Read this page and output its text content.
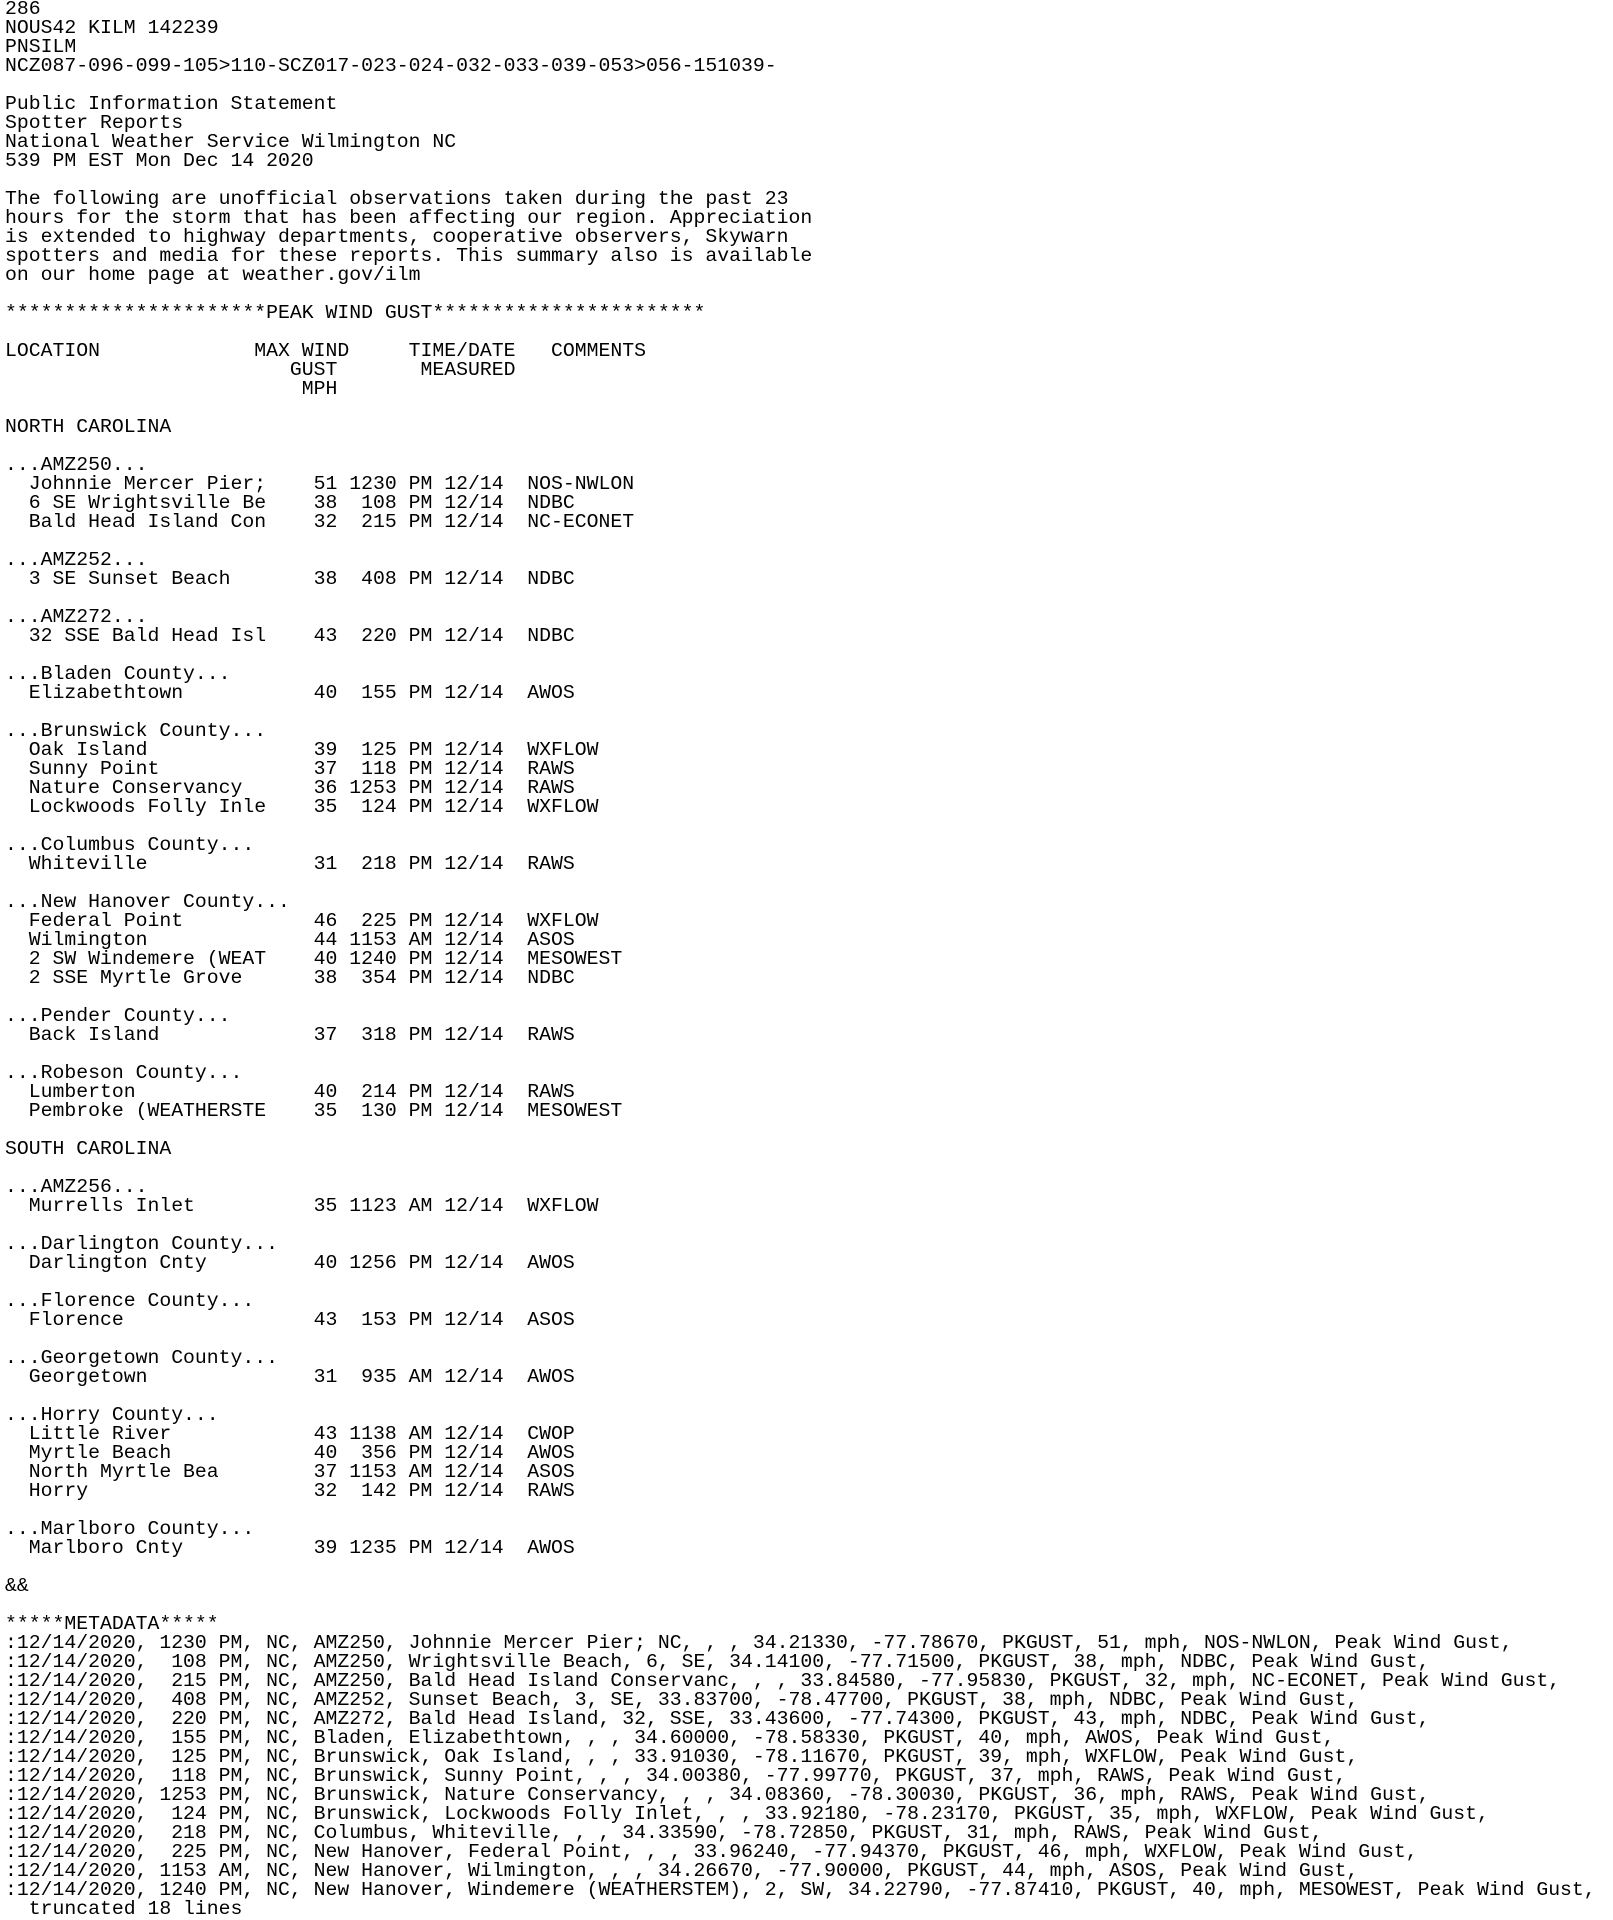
286
NOUS42 KILM 142239
PNSILM
NCZ087-096-099-105>110-SCZ017-023-024-032-033-039-053>056-151039-
Public Information Statement
Spotter Reports
National Weather Service Wilmington NC
539 PM EST Mon Dec 14 2020
The following are unofficial observations taken during the past 23
hours for the storm that has been affecting our region. Appreciation
is extended to highway departments, cooperative observers, Skywarn
spotters and media for these reports. This summary also is available
on our home page at weather.gov/ilm
**********************PEAK WIND GUST***********************
LOCATION             MAX WIND     TIME/DATE   COMMENTS
GUST       MEASURED
MPH
NORTH CAROLINA
...AMZ250...
Johnnie Mercer Pier;    51 1230 PM 12/14  NOS-NWLON
6 SE Wrightsville Be    38  108 PM 12/14  NDBC
Bald Head Island Con    32  215 PM 12/14  NC-ECONET
...AMZ252...
3 SE Sunset Beach       38  408 PM 12/14  NDBC
...AMZ272...
32 SSE Bald Head Isl    43  220 PM 12/14  NDBC
...Bladen County...
Elizabethtown           40  155 PM 12/14  AWOS
...Brunswick County...
Oak Island              39  125 PM 12/14  WXFLOW
Sunny Point             37  118 PM 12/14  RAWS
Nature Conservancy      36 1253 PM 12/14  RAWS
Lockwoods Folly Inle    35  124 PM 12/14  WXFLOW
...Columbus County...
Whiteville              31  218 PM 12/14  RAWS
...New Hanover County...
Federal Point           46  225 PM 12/14  WXFLOW
Wilmington              44 1153 AM 12/14  ASOS
2 SW Windemere (WEAT    40 1240 PM 12/14  MESOWEST
2 SSE Myrtle Grove      38  354 PM 12/14  NDBC
...Pender County...
Back Island             37  318 PM 12/14  RAWS
...Robeson County...
Lumberton               40  214 PM 12/14  RAWS
Pembroke (WEATHERSTE    35  130 PM 12/14  MESOWEST
SOUTH CAROLINA
...AMZ256...
Murrells Inlet          35 1123 AM 12/14  WXFLOW
...Darlington County...
Darlington Cnty         40 1256 PM 12/14  AWOS
...Florence County...
Florence                43  153 PM 12/14  ASOS
...Georgetown County...
Georgetown              31  935 AM 12/14  AWOS
...Horry County...
Little River            43 1138 AM 12/14  CWOP
Myrtle Beach            40  356 PM 12/14  AWOS
North Myrtle Bea        37 1153 AM 12/14  ASOS
Horry                   32  142 PM 12/14  RAWS
...Marlboro County...
Marlboro Cnty           39 1235 PM 12/14  AWOS
&&
*****METADATA*****
:12/14/2020, 1230 PM, NC, AMZ250, Johnnie Mercer Pier; NC, , , 34.21330, -77.78670, PKGUST, 51, mph, NOS-NWLON, Peak Wind Gust,
:12/14/2020,  108 PM, NC, AMZ250, Wrightsville Beach, 6, SE, 34.14100, -77.71500, PKGUST, 38, mph, NDBC, Peak Wind Gust,
:12/14/2020,  215 PM, NC, AMZ250, Bald Head Island Conservanc, , , 33.84580, -77.95830, PKGUST, 32, mph, NC-ECONET, Peak Wind Gust,
:12/14/2020,  408 PM, NC, AMZ252, Sunset Beach, 3, SE, 33.83700, -78.47700, PKGUST, 38, mph, NDBC, Peak Wind Gust,
:12/14/2020,  220 PM, NC, AMZ272, Bald Head Island, 32, SSE, 33.43600, -77.74300, PKGUST, 43, mph, NDBC, Peak Wind Gust,
:12/14/2020,  155 PM, NC, Bladen, Elizabethtown, , , 34.60000, -78.58330, PKGUST, 40, mph, AWOS, Peak Wind Gust,
:12/14/2020,  125 PM, NC, Brunswick, Oak Island, , , 33.91030, -78.11670, PKGUST, 39, mph, WXFLOW, Peak Wind Gust,
:12/14/2020,  118 PM, NC, Brunswick, Sunny Point, , , 34.00380, -77.99770, PKGUST, 37, mph, RAWS, Peak Wind Gust,
:12/14/2020, 1253 PM, NC, Brunswick, Nature Conservancy, , , 34.08360, -78.30030, PKGUST, 36, mph, RAWS, Peak Wind Gust,
:12/14/2020,  124 PM, NC, Brunswick, Lockwoods Folly Inlet, , , 33.92180, -78.23170, PKGUST, 35, mph, WXFLOW, Peak Wind Gust,
:12/14/2020,  218 PM, NC, Columbus, Whiteville, , , 34.33590, -78.72850, PKGUST, 31, mph, RAWS, Peak Wind Gust,
:12/14/2020,  225 PM, NC, New Hanover, Federal Point, , , 33.96240, -77.94370, PKGUST, 46, mph, WXFLOW, Peak Wind Gust,
:12/14/2020, 1153 AM, NC, New Hanover, Wilmington, , , 34.26670, -77.90000, PKGUST, 44, mph, ASOS, Peak Wind Gust,
:12/14/2020, 1240 PM, NC, New Hanover, Windemere (WEATHERSTEM), 2, SW, 34.22790, -77.87410, PKGUST, 40, mph, MESOWEST, Peak Wind Gust,
truncated 18 lines
